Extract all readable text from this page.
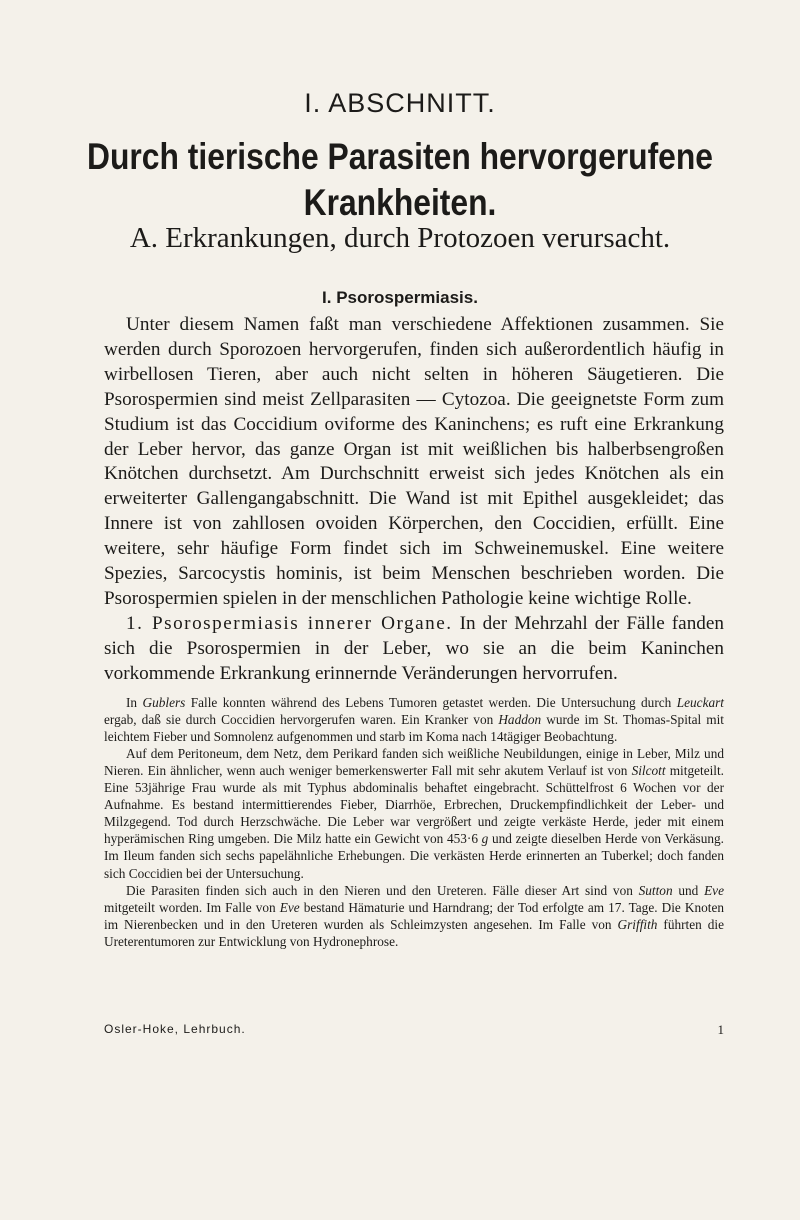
I. ABSCHNITT.
Durch tierische Parasiten hervorgerufene
Krankheiten.
A. Erkrankungen, durch Protozoen verursacht.
I. Psorospermiasis.

Unter diesem Namen faßt man verschiedene Affektionen zusammen. Sie werden durch Sporozoen hervorgerufen, finden sich außerordentlich häufig in wirbellosen Tieren, aber auch nicht selten in höheren Säugetieren. Die Psorospermien sind meist Zellparasiten — Cytozoa. Die geeignetste Form zum Studium ist das Coccidium oviforme des Kaninchens; es ruft eine Erkrankung der Leber hervor, das ganze Organ ist mit weißlichen bis halberbsengroßen Knötchen durchsetzt. Am Durchschnitt erweist sich jedes Knötchen als ein erweiterter Gallengangabschnitt. Die Wand ist mit Epithel ausgekleidet; das Innere ist von zahllosen ovoiden Körperchen, den Coccidien, erfüllt. Eine weitere, sehr häufige Form findet sich im Schweinemuskel. Eine weitere Spezies, Sarcocystis hominis, ist beim Menschen beschrieben worden. Die Psorospermien spielen in der menschlichen Pathologie keine wichtige Rolle.

1. Psorospermiasis innerer Organe. In der Mehrzahl der Fälle fanden sich die Psorospermien in der Leber, wo sie an die beim Kaninchen vorkommende Erkrankung erinnernde Veränderungen hervorrufen.

In Gublers Falle konnten während des Lebens Tumoren getastet werden. Die Untersuchung durch Leuckart ergab, daß sie durch Coccidien hervorgerufen waren. Ein Kranker von Haddon wurde im St. Thomas-Spital mit leichtem Fieber und Somnolenz aufgenommen und starb im Koma nach 14tägiger Beobachtung.

Auf dem Peritoneum, dem Netz, dem Perikard fanden sich weißliche Neubildungen, einige in Leber, Milz und Nieren. Ein ähnlicher, wenn auch weniger bemerkenswerter Fall mit sehr akutem Verlauf ist von Silcott mitgeteilt. Eine 53jährige Frau wurde als mit Typhus abdominalis behaftet eingebracht. Schüttelfrost 6 Wochen vor der Aufnahme. Es bestand intermittierendes Fieber, Diarrhöe, Erbrechen, Druckempfindlichkeit der Leber- und Milzgegend. Tod durch Herzschwäche. Die Leber war vergrößert und zeigte verkäste Herde, jeder mit einem hyperämischen Ring umgeben. Die Milz hatte ein Gewicht von 453·6 g und zeigte dieselben Herde von Verkäsung. Im Ileum fanden sich sechs papelähnliche Erhebungen. Die verkästen Herde erinnerten an Tuberkel; doch fanden sich Coccidien bei der Untersuchung.

Die Parasiten finden sich auch in den Nieren und den Ureteren. Fälle dieser Art sind von Sutton und Eve mitgeteilt worden. Im Falle von Eve bestand Hämaturie und Harndrang; der Tod erfolgte am 17. Tage. Die Knoten im Nierenbecken und in den Ureteren wurden als Schleimzysten angesehen. Im Falle von Griffith führten die Ureterentumoren zur Entwicklung von Hydronephrose.

Osler-Hoke, Lehrbuch.	1
